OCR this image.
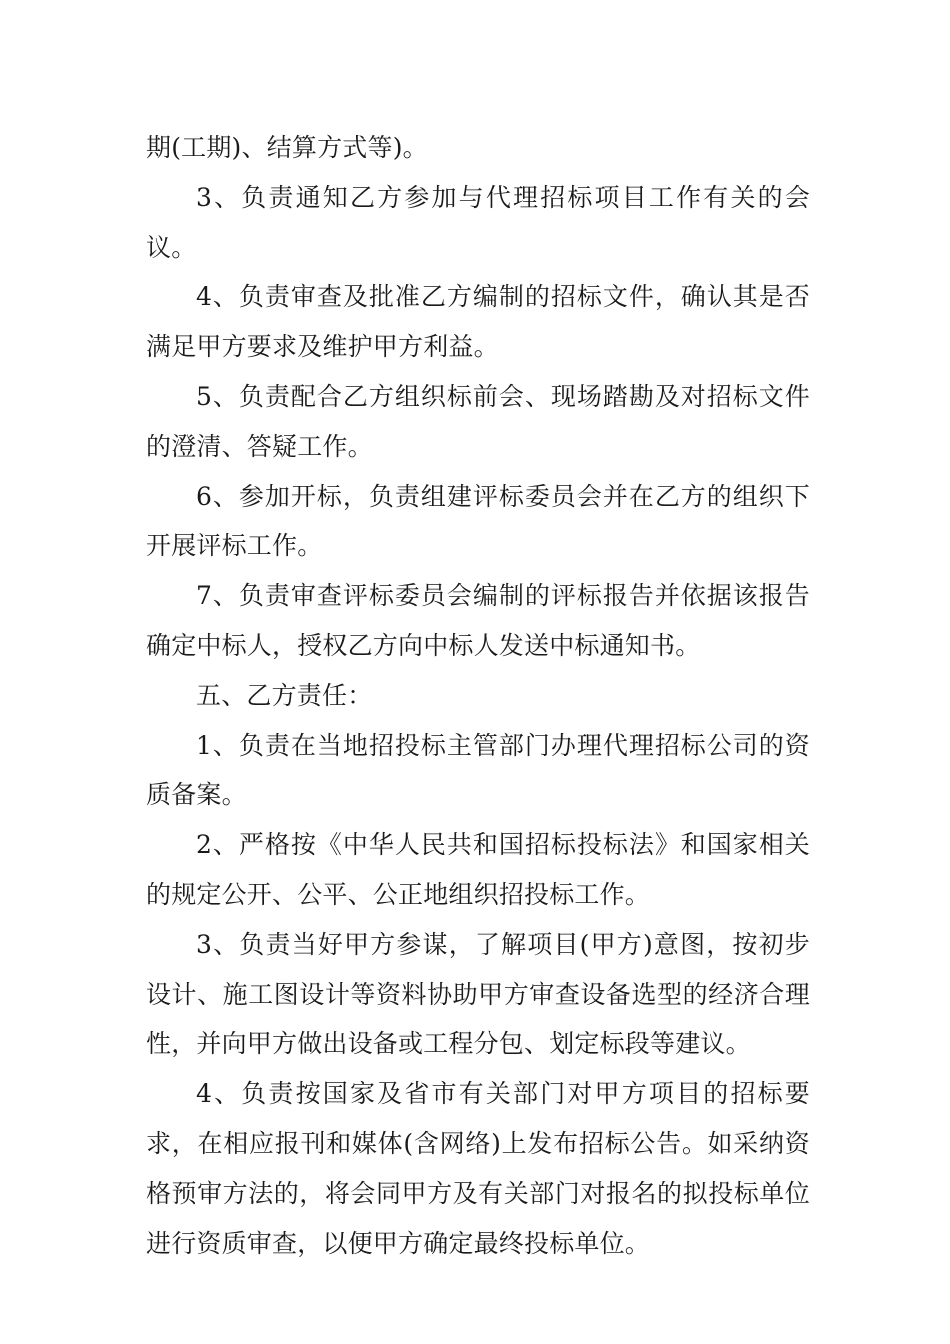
期(工期)、结算方式等)。

3、负责通知乙方参加与代理招标项目工作有关的会议。

4、负责审查及批准乙方编制的招标文件，确认其是否满足甲方要求及维护甲方利益。

5、负责配合乙方组织标前会、现场踏勘及对招标文件的澄清、答疑工作。

6、参加开标，负责组建评标委员会并在乙方的组织下开展评标工作。

7、负责审查评标委员会编制的评标报告并依据该报告确定中标人，授权乙方向中标人发送中标通知书。

五、乙方责任：

1、负责在当地招投标主管部门办理代理招标公司的资质备案。

2、严格按《中华人民共和国招标投标法》和国家相关的规定公开、公平、公正地组织招投标工作。

3、负责当好甲方参谋，了解项目(甲方)意图，按初步设计、施工图设计等资料协助甲方审查设备选型的经济合理性，并向甲方做出设备或工程分包、划定标段等建议。

4、负责按国家及省市有关部门对甲方项目的招标要求，在相应报刊和媒体(含网络)上发布招标公告。如采纳资格预审方法的，将会同甲方及有关部门对报名的拟投标单位进行资质审查，以便甲方确定最终投标单位。
